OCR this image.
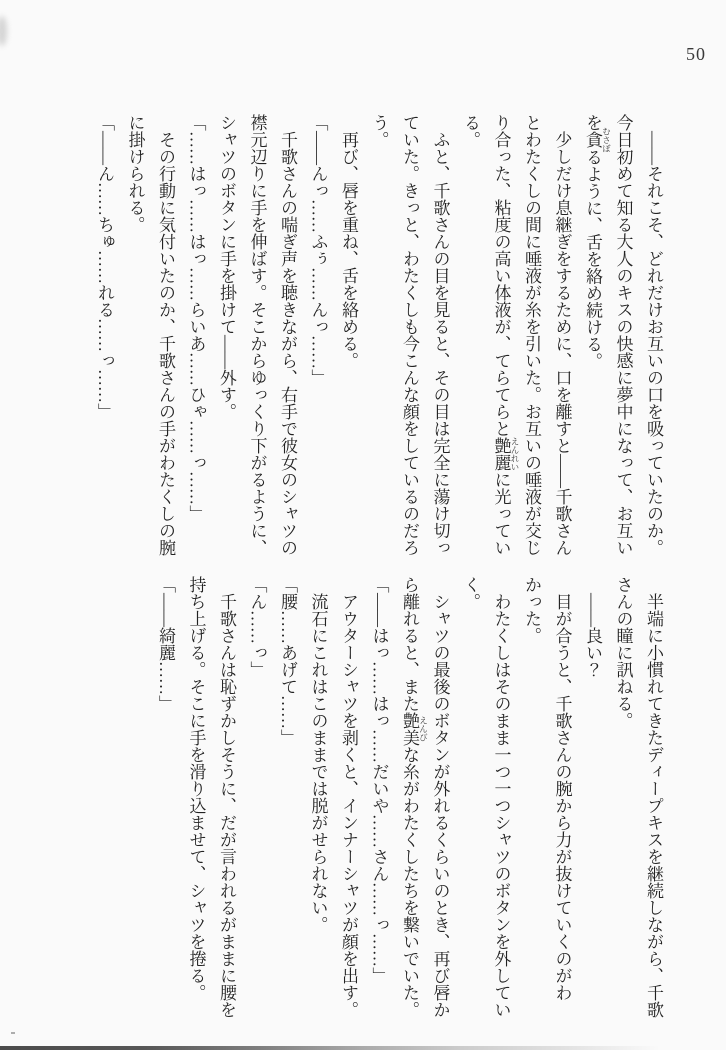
50

――それこそ、どれだけお互いの口を吸っていたのか。今日初めて知る大人のキスの快感に夢中になって、お互いを貪 むさぼるように、舌を絡め続ける。

少しだけ息継ぎをするために、口を離すと――千歌さんとわたくしの間に唾液が糸を引いた。お互いの唾液が交じり合った、粘度の高い体液が、てらてらと艶麗 えんれいに光っている。

ふと、千歌さんの目を見ると、その目は完全に蕩け切っていた。きっと、わたくしも今こんな顔をしているのだろう。

再び、唇を重ね、舌を絡める。

「――んっ……ふぅ……んっ……」

千歌さんの喘ぎ声を聴きながら、右手で彼女のシャツの襟元辺りに手を伸ばす。そこからゆっくり下がるように、シャツのボタンに手を掛けて――外す。

「……はっ……はっ……らいあ……ひゃ……っ……」

その行動に気付いたのか、千歌さんの手がわたくしの腕に掛けられる。

「――ん……ちゅ……れる……っ……」

半端に小慣れてきたディープキスを継続しながら、千歌さんの瞳に訊ねる。

――良い？

目が合うと、千歌さんの腕から力が抜けていくのがわかった。

わたくしはそのまま一つ一つシャツのボタンを外していく。

シャツの最後のボタンが外れるくらいのとき、再び唇から離れると、また艶美 えんびな糸がわたくしたちを繋いでいた。

「――はっ……はっ……だいや……さん……っ……」

アウターシャツを剥くと、インナーシャツが顔を出す。

流石にこれはこのままでは脱がせられない。

「腰……あげて……」

「ん……っ」

千歌さんは恥ずかしそうに、だが言われるがままに腰を持ち上げる。そこに手を滑り込ませて、シャツを捲る。

「――綺麗……」
